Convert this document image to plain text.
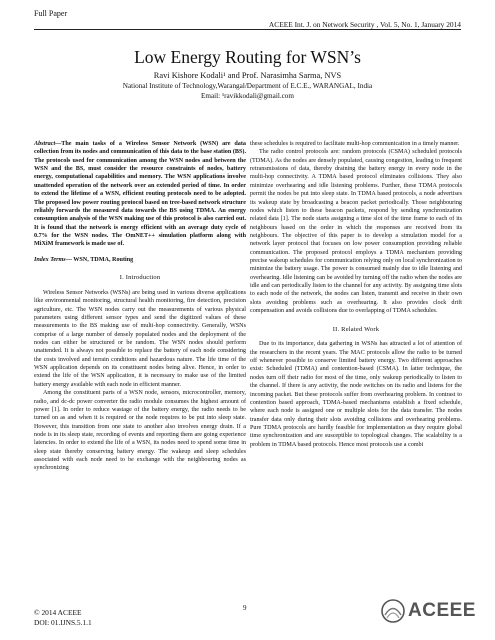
Full Paper
ACEEE Int. J. on Network Security , Vol. 5, No. 1, January 2014
Low Energy Routing for WSN’s
Ravi Kishore Kodali¹ and Prof. Narasimha Sarma, NVS
National Institute of Technology,Warangal/Department of E.C.E., WARANGAL, India
Email: ¹ravikkodali@gmail.com
Abstract—The main tasks of a Wireless Sensor Network (WSN) are data collection from its nodes and communication of this data to the base station (BS). The protocols used for communication among the WSN nodes and between the WSN and the BS, must consider the resource constraints of nodes, battery energy, computational capabilities and memory. The WSN applications involve unattended operation of the network over an extended period of time. In order to extend the lifetime of a WSN, efficient routing protocols need to be adopted. The proposed low power routing protocol based on tree-based network structure reliably forwards the measured data towards the BS using TDMA. An energy consumption analysis of the WSN making use of this protocol is also carried out. It is found that the network is energy efficient with an average duty cycle of 0.7% for the WSN nodes. The OmNET++ simulation platform along with MiXiM framework is made use of.
Index Terms— WSN, TDMA, Routing
I. Introduction

Wireless Sensor Networks (WSNs) are being used in various diverse applications like environmental monitoring, structural health monitoring, fire detection, precision agriculture, etc. The WSN nodes carry out the measurements of various physical parameters using different sensor types and send the digitized values of these measurements to the BS making use of multi-hop connectivity. Generally, WSNs comprise of a large number of densely populated nodes and the deployment of the nodes can either be structured or be random. The WSN nodes should perform unattended. It is always not possible to replace the battery of each node considering the costs involved and terrain conditions and hazardous nature. The life time of the WSN application depends on its constituent nodes being alive. Hence, in order to extend the life of the WSN application, it is necessary to make use of the limited battery energy available with each node in efficient manner.

Among the constituent parts of a WSN node, sensors, microcontroller, memory, radio, and dc-dc power converter the radio module consumes the highest amount of power [1]. In order to reduce wastage of the battery energy, the radio needs to be turned on as and when it is required or the node requires to be put into sleep state. However, this transition from one state to another also involves energy drain. If a node is in its sleep state, recording of events and reporting them are going experience latencies. In order to extend the life of a WSN, its nodes need to spend some time in sleep state thereby conserving battery energy. The wakeup and sleep schedules associated with each node need to be exchange with the neighbouring nodes as synchronizing

these schedules is required to facilitate multi-hop communication in a timely manner.

The radio control protocols are: random protocols (CSMA) scheduled protocols (TDMA). As the nodes are densely populated, causing congestion, leading to frequent retransmissions of data, thereby draining the battery energy in every node in the multi-hop connectivity. A TDMA based protocol eliminates collisions. They also minimize overhearing and idle listening problems. Further, these TDMA protocols permit the nodes be put into sleep state. In TDMA based protocols, a node advertises its wakeup state by broadcasting a beacon packet periodically. Those neighbouring nodes which listen to these beacon packets, respond by sending synchronization related data [1]. The node starts assigning a time slot of the time frame to each of its neighbours based on the order in which the responses are received from its neighbours. The objective of this paper is to develop a simulation model for a network layer protocol that focuses on low power consumption providing reliable communication. The proposed protocol employs a TDMA mechanism providing precise wakeup schedules for communication relying only on local synchronization to minimize the battery usage. The power is consumed mainly due to idle listening and overhearing. Idle listening can be avoided by turning off the radio when the nodes are idle and can periodically listen to the channel for any activity. By assigning time slots to each node of the network, the nodes can listen, transmit and receive in their own slots avoiding problems such as overhearing. It also provides clock drift compensation and avoids collisions due to overlapping of TDMA schedules.

II. Related Work

Due to its importance, data gathering in WSNs has attracted a lot of attention of the researchers in the recent years. The MAC protocols allow the radio to be turned off whenever possible to conserve limited battery energy. Two different approaches exist: Scheduled (TDMA) and contention-based (CSMA). In latter technique, the nodes turn off their radio for most of the time, only wakeup periodically to listen to the channel. If there is any activity, the node switches on its radio and listens for the incoming packet. But these protocols suffer from overhearing problem. In contrast to contention based approach, TDMA-based mechanisms establish a fixed schedule, where each node is assigned one or multiple slots for the data transfer. The nodes transfer data only during their slots avoiding collisions and overhearing problems. Pure TDMA protocols are hardly feasible for implementation as they require global time synchronization and are susceptible to topological changes. The scalability is a problem in TDMA based protocols. Hence most protocols use a combi

© 2014 ACEEE
DOI: 01.IJNS.5.1.1
9	ACEEE
